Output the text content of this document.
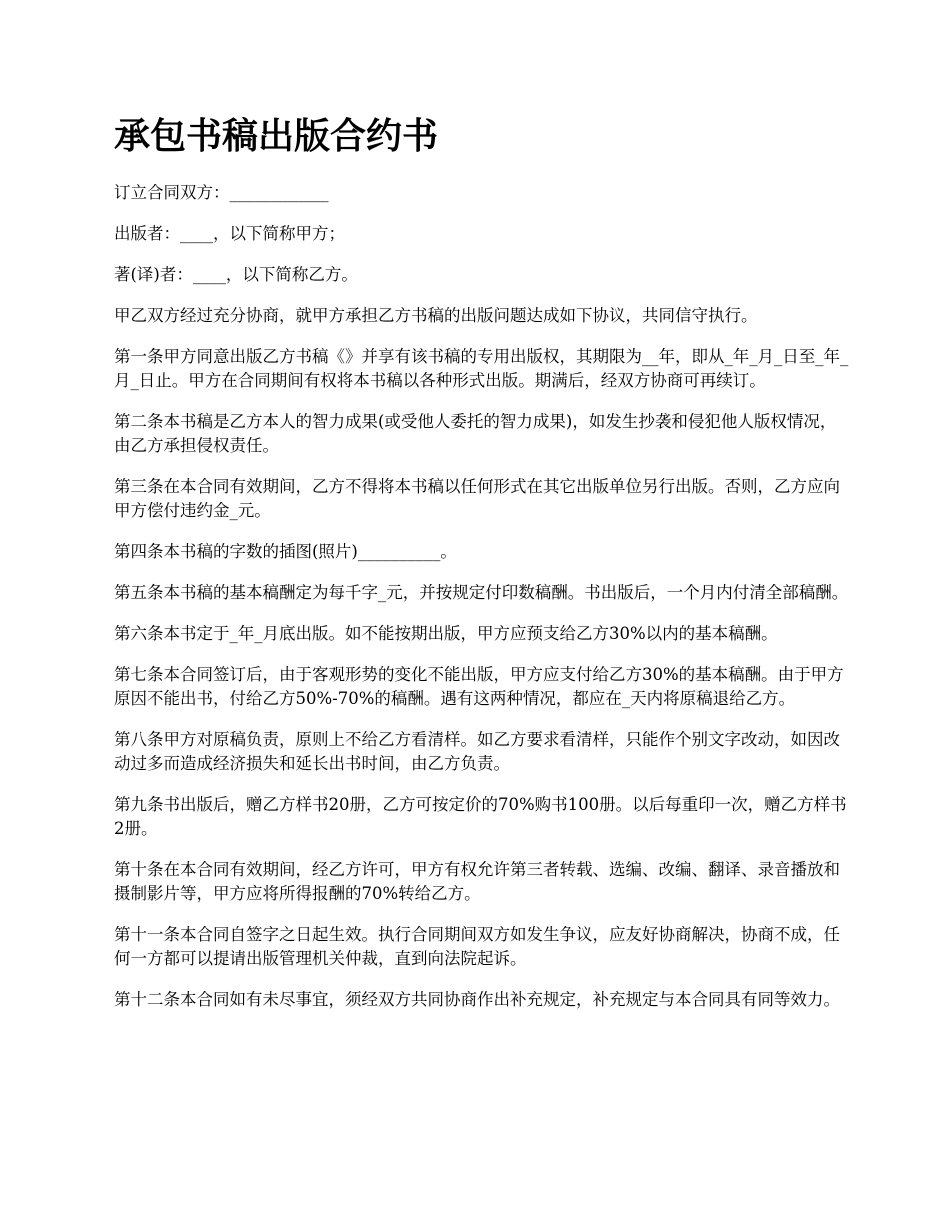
承包书稿出版合约书

订立合同双方：____________

出版者：____，以下简称甲方；

著(译)者：____，以下简称乙方。

甲乙双方经过充分协商，就甲方承担乙方书稿的出版问题达成如下协议，共同信守执行。

第一条甲方同意出版乙方书稿《》并享有该书稿的专用出版权，其期限为__年，即从_年_月_日至_年_月_日止。甲方在合同期间有权将本书稿以各种形式出版。期满后，经双方协商可再续订。

第二条本书稿是乙方本人的智力成果(或受他人委托的智力成果)，如发生抄袭和侵犯他人版权情况，由乙方承担侵权责任。

第三条在本合同有效期间，乙方不得将本书稿以任何形式在其它出版单位另行出版。否则，乙方应向甲方偿付违约金_元。

第四条本书稿的字数的插图(照片)__________。

第五条本书稿的基本稿酬定为每千字_元，并按规定付印数稿酬。书出版后，一个月内付清全部稿酬。

第六条本书定于_年_月底出版。如不能按期出版，甲方应预支给乙方30%以内的基本稿酬。

第七条本合同签订后，由于客观形势的变化不能出版，甲方应支付给乙方30%的基本稿酬。由于甲方原因不能出书，付给乙方50%-70%的稿酬。遇有这两种情况，都应在_天内将原稿退给乙方。

第八条甲方对原稿负责，原则上不给乙方看清样。如乙方要求看清样，只能作个别文字改动，如因改动过多而造成经济损失和延长出书时间，由乙方负责。

第九条书出版后，赠乙方样书20册，乙方可按定价的70%购书100册。以后每重印一次，赠乙方样书2册。

第十条在本合同有效期间，经乙方许可，甲方有权允许第三者转载、选编、改编、翻译、录音播放和摄制影片等，甲方应将所得报酬的70%转给乙方。

第十一条本合同自签字之日起生效。执行合同期间双方如发生争议，应友好协商解决，协商不成，任何一方都可以提请出版管理机关仲裁，直到向法院起诉。

第十二条本合同如有未尽事宜，须经双方共同协商作出补充规定，补充规定与本合同具有同等效力。
